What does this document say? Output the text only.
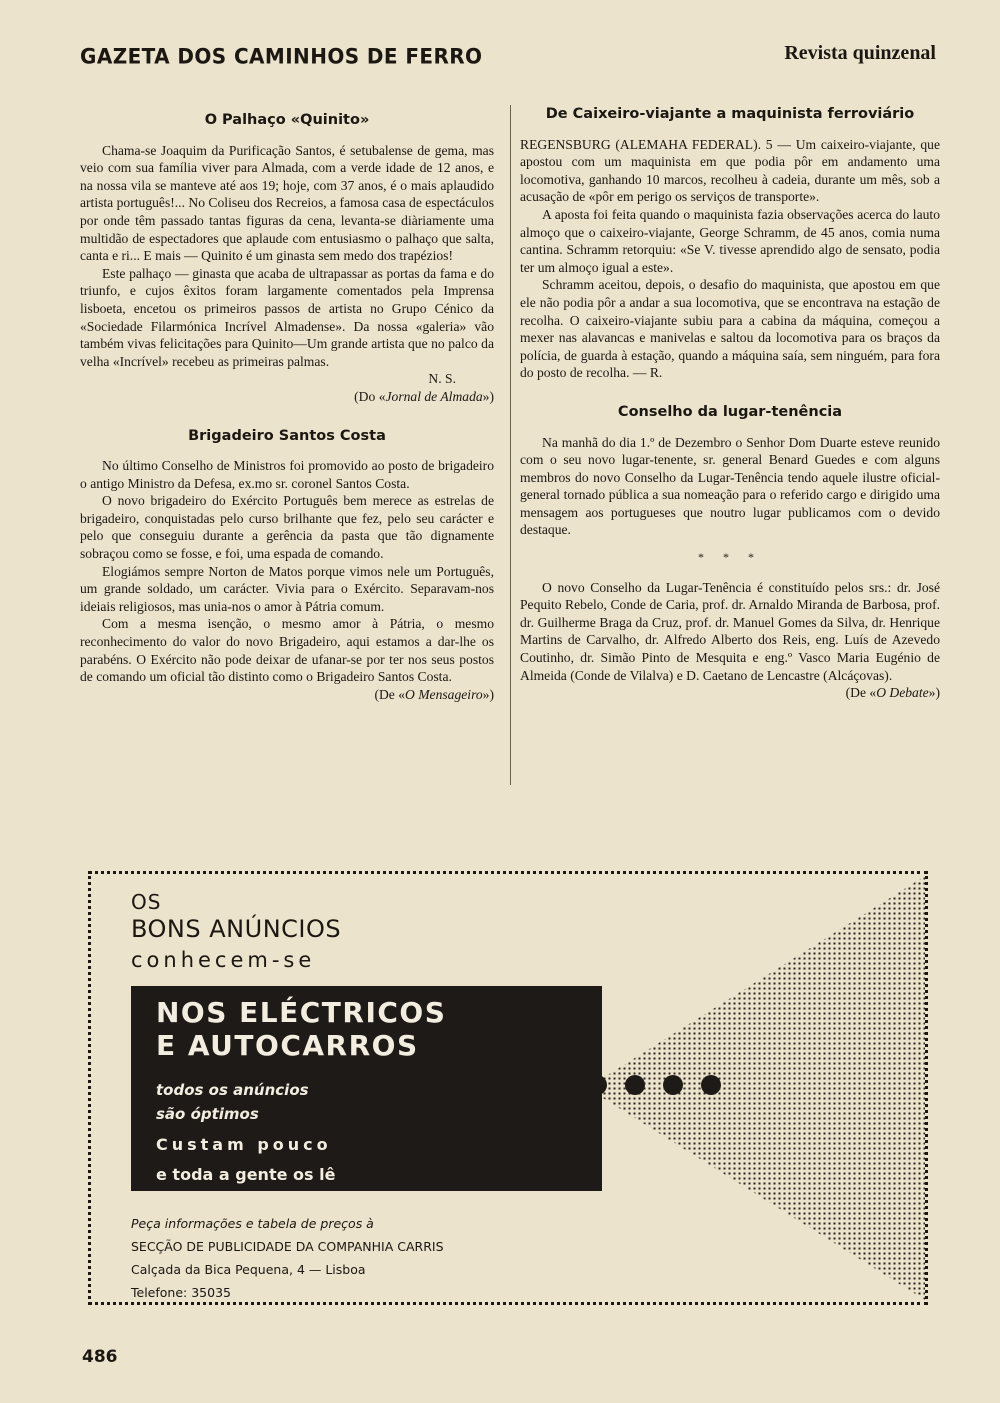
GAZETA DOS CAMINHOS DE FERRO	Revista quinzenal
O Palhaço «Quinito»

Chama-se Joaquim da Purificação Santos, é setubalense de gema, mas veio com sua família viver para Almada, com a verde idade de 12 anos, e na nossa vila se manteve até aos 19; hoje, com 37 anos, é o mais aplaudido artista português!... No Coliseu dos Recreios, a famosa casa de espectáculos por onde têm passado tantas figuras da cena, levanta-se diàriamente uma multidão de espectadores que aplaude com entusiasmo o palhaço que salta, canta e ri... E mais — Quinito é um ginasta sem medo dos trapézios!

Este palhaço — ginasta que acaba de ultrapassar as portas da fama e do triunfo, e cujos êxitos foram largamente comentados pela Imprensa lisboeta, encetou os primeiros passos de artista no Grupo Cénico da «Sociedade Filarmónica Incrível Almadense». Da nossa «galeria» vão também vivas felicitações para Quinito—Um grande artista que no palco da velha «Incrível» recebeu as primeiras palmas.

N. S.

(Do «Jornal de Almada»)

Brigadeiro Santos Costa

No último Conselho de Ministros foi promovido ao posto de brigadeiro o antigo Ministro da Defesa, ex.mo sr. coronel Santos Costa.

O novo brigadeiro do Exército Português bem merece as estrelas de brigadeiro, conquistadas pelo curso brilhante que fez, pelo seu carácter e pelo que conseguiu durante a gerência da pasta que tão dignamente sobraçou como se fosse, e foi, uma espada de comando.

Elogiámos sempre Norton de Matos porque vimos nele um Português, um grande soldado, um carácter. Vivia para o Exército. Separavam-nos ideiais religiosos, mas unia-nos o amor à Pátria comum.

Com a mesma isenção, o mesmo amor à Pátria, o mesmo reconhecimento do valor do novo Brigadeiro, aqui estamos a dar-lhe os parabéns. O Exército não pode deixar de ufanar-se por ter nos seus postos de comando um oficial tão distinto como o Brigadeiro Santos Costa.

(De «O Mensageiro»)

De Caixeiro-viajante a maquinista ferroviário

REGENSBURG (ALEMAHA FEDERAL). 5 — Um caixeiro-viajante, que apostou com um maquinista em que podia pôr em andamento uma locomotiva, ganhando 10 marcos, recolheu à cadeia, durante um mês, sob a acusação de «pôr em perigo os serviços de transporte».

A aposta foi feita quando o maquinista fazia observações acerca do lauto almoço que o caixeiro-viajante, George Schramm, de 45 anos, comia numa cantina. Schramm retorquiu: «Se V. tivesse aprendido algo de sensato, podia ter um almoço igual a este».

Schramm aceitou, depois, o desafio do maquinista, que apostou em que ele não podia pôr a andar a sua locomotiva, que se encontrava na estação de recolha. O caixeiro-viajante subiu para a cabina da máquina, começou a mexer nas alavancas e manivelas e saltou da locomotiva para os braços da polícia, de guarda à estação, quando a máquina saía, sem ninguém, para fora do posto de recolha. — R.

Conselho da lugar-tenência

Na manhã do dia 1.º de Dezembro o Senhor Dom Duarte esteve reunido com o seu novo lugar-tenente, sr. general Benard Guedes e com alguns membros do novo Conselho da Lugar-Tenência tendo aquele ilustre oficial-general tornado pública a sua nomeação para o referido cargo e dirigido uma mensagem aos portugueses que noutro lugar publicamos com o devido destaque.

* * *

O novo Conselho da Lugar-Tenência é constituído pelos srs.: dr. José Pequito Rebelo, Conde de Caria, prof. dr. Arnaldo Miranda de Barbosa, prof. dr. Guilherme Braga da Cruz, prof. dr. Manuel Gomes da Silva, dr. Henrique Martins de Carvalho, dr. Alfredo Alberto dos Reis, eng. Luís de Azevedo Coutinho, dr. Simão Pinto de Mesquita e eng.º Vasco Maria Eugénio de Almeida (Conde de Vilalva) e D. Caetano de Lencastre (Alcáçovas).

(De «O Debate»)

OS
BONS ANÚNCIOS
conhecem-se
NOS ELÉCTRICOS
E AUTOCARROS
todos os anúncios
são óptimos
Custam pouco
e toda a gente os lê
Peça informações e tabela de preços à
SECÇÃO DE PUBLICIDADE DA COMPANHIA CARRIS
Calçada da Bica Pequena, 4 — Lisboa
Telefone: 35035
486
